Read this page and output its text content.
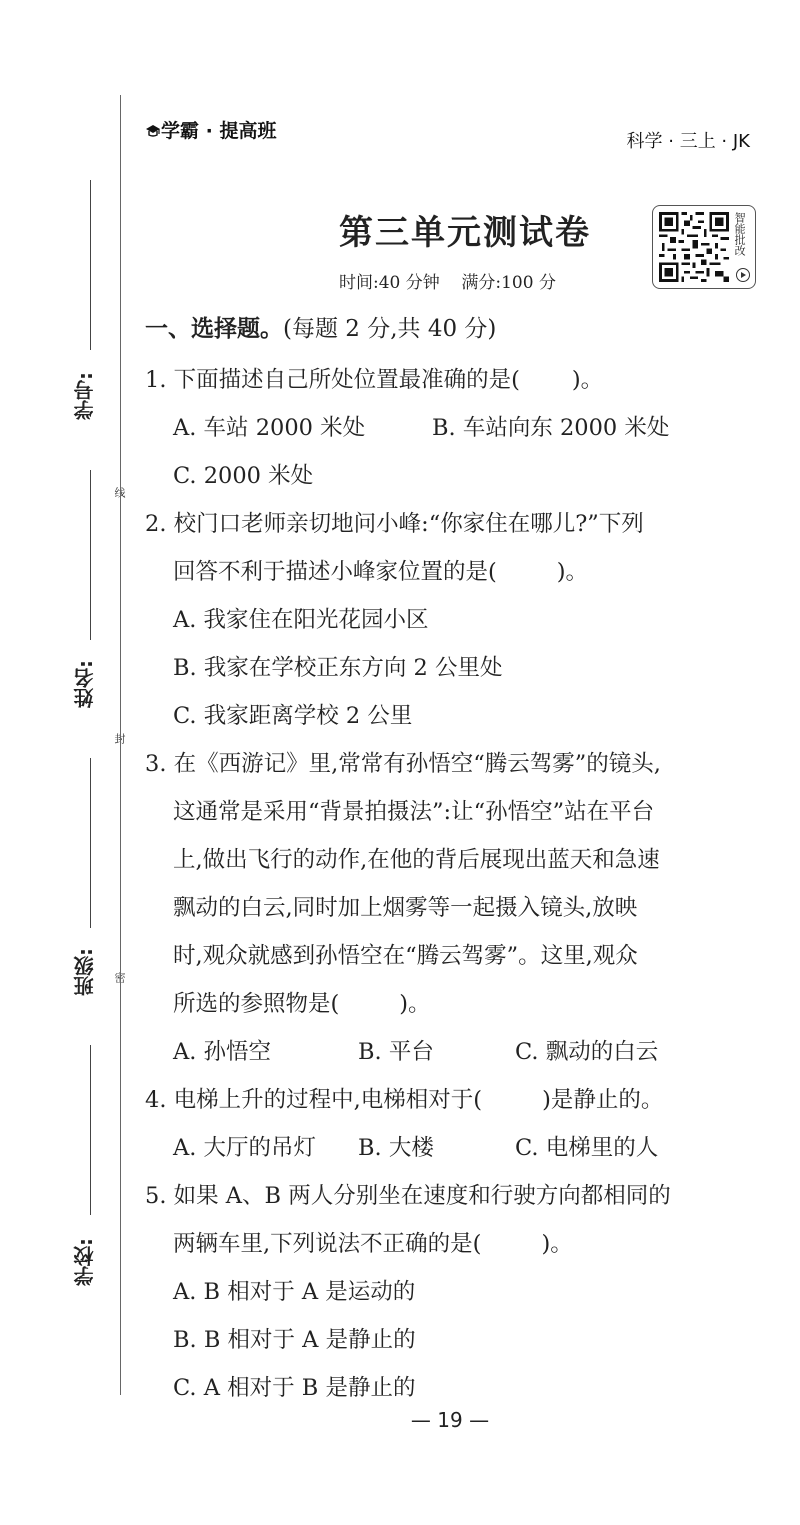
学号:
姓名:
班级:
学校:
学霸 · 提高班	科学 · 三上 · JK
第三单元测试卷
时间:40 分钟 满分:100 分
智能批改
一、选择题。(每题 2 分,共 40 分)
1. 下面描述自己所处位置最准确的是( )。
A. 车站 2000 米处	B. 车站向东 2000 米处
C. 2000 米处
2. 校门口老师亲切地问小峰:“你家住在哪儿?”下列
回答不利于描述小峰家位置的是(	)。
A. 我家住在阳光花园小区
B. 我家在学校正东方向 2 公里处
C. 我家距离学校 2 公里
3. 在《西游记》里,常常有孙悟空“腾云驾雾”的镜头,
这通常是采用“背景拍摄法”:让“孙悟空”站在平台
上,做出飞行的动作,在他的背后展现出蓝天和急速
飘动的白云,同时加上烟雾等一起摄入镜头,放映
时,观众就感到孙悟空在“腾云驾雾”。这里,观众
所选的参照物是(	)。
A. 孙悟空	B. 平台	C. 飘动的白云
4. 电梯上升的过程中,电梯相对于(	)是静止的。
A. 大厅的吊灯 B. 大楼	C. 电梯里的人
5. 如果 A、B 两人分别坐在速度和行驶方向都相同的
两辆车里,下列说法不正确的是(	)。
A. B 相对于 A 是运动的
B. B 相对于 A 是静止的
C. A 相对于 B 是静止的
— 19 —
